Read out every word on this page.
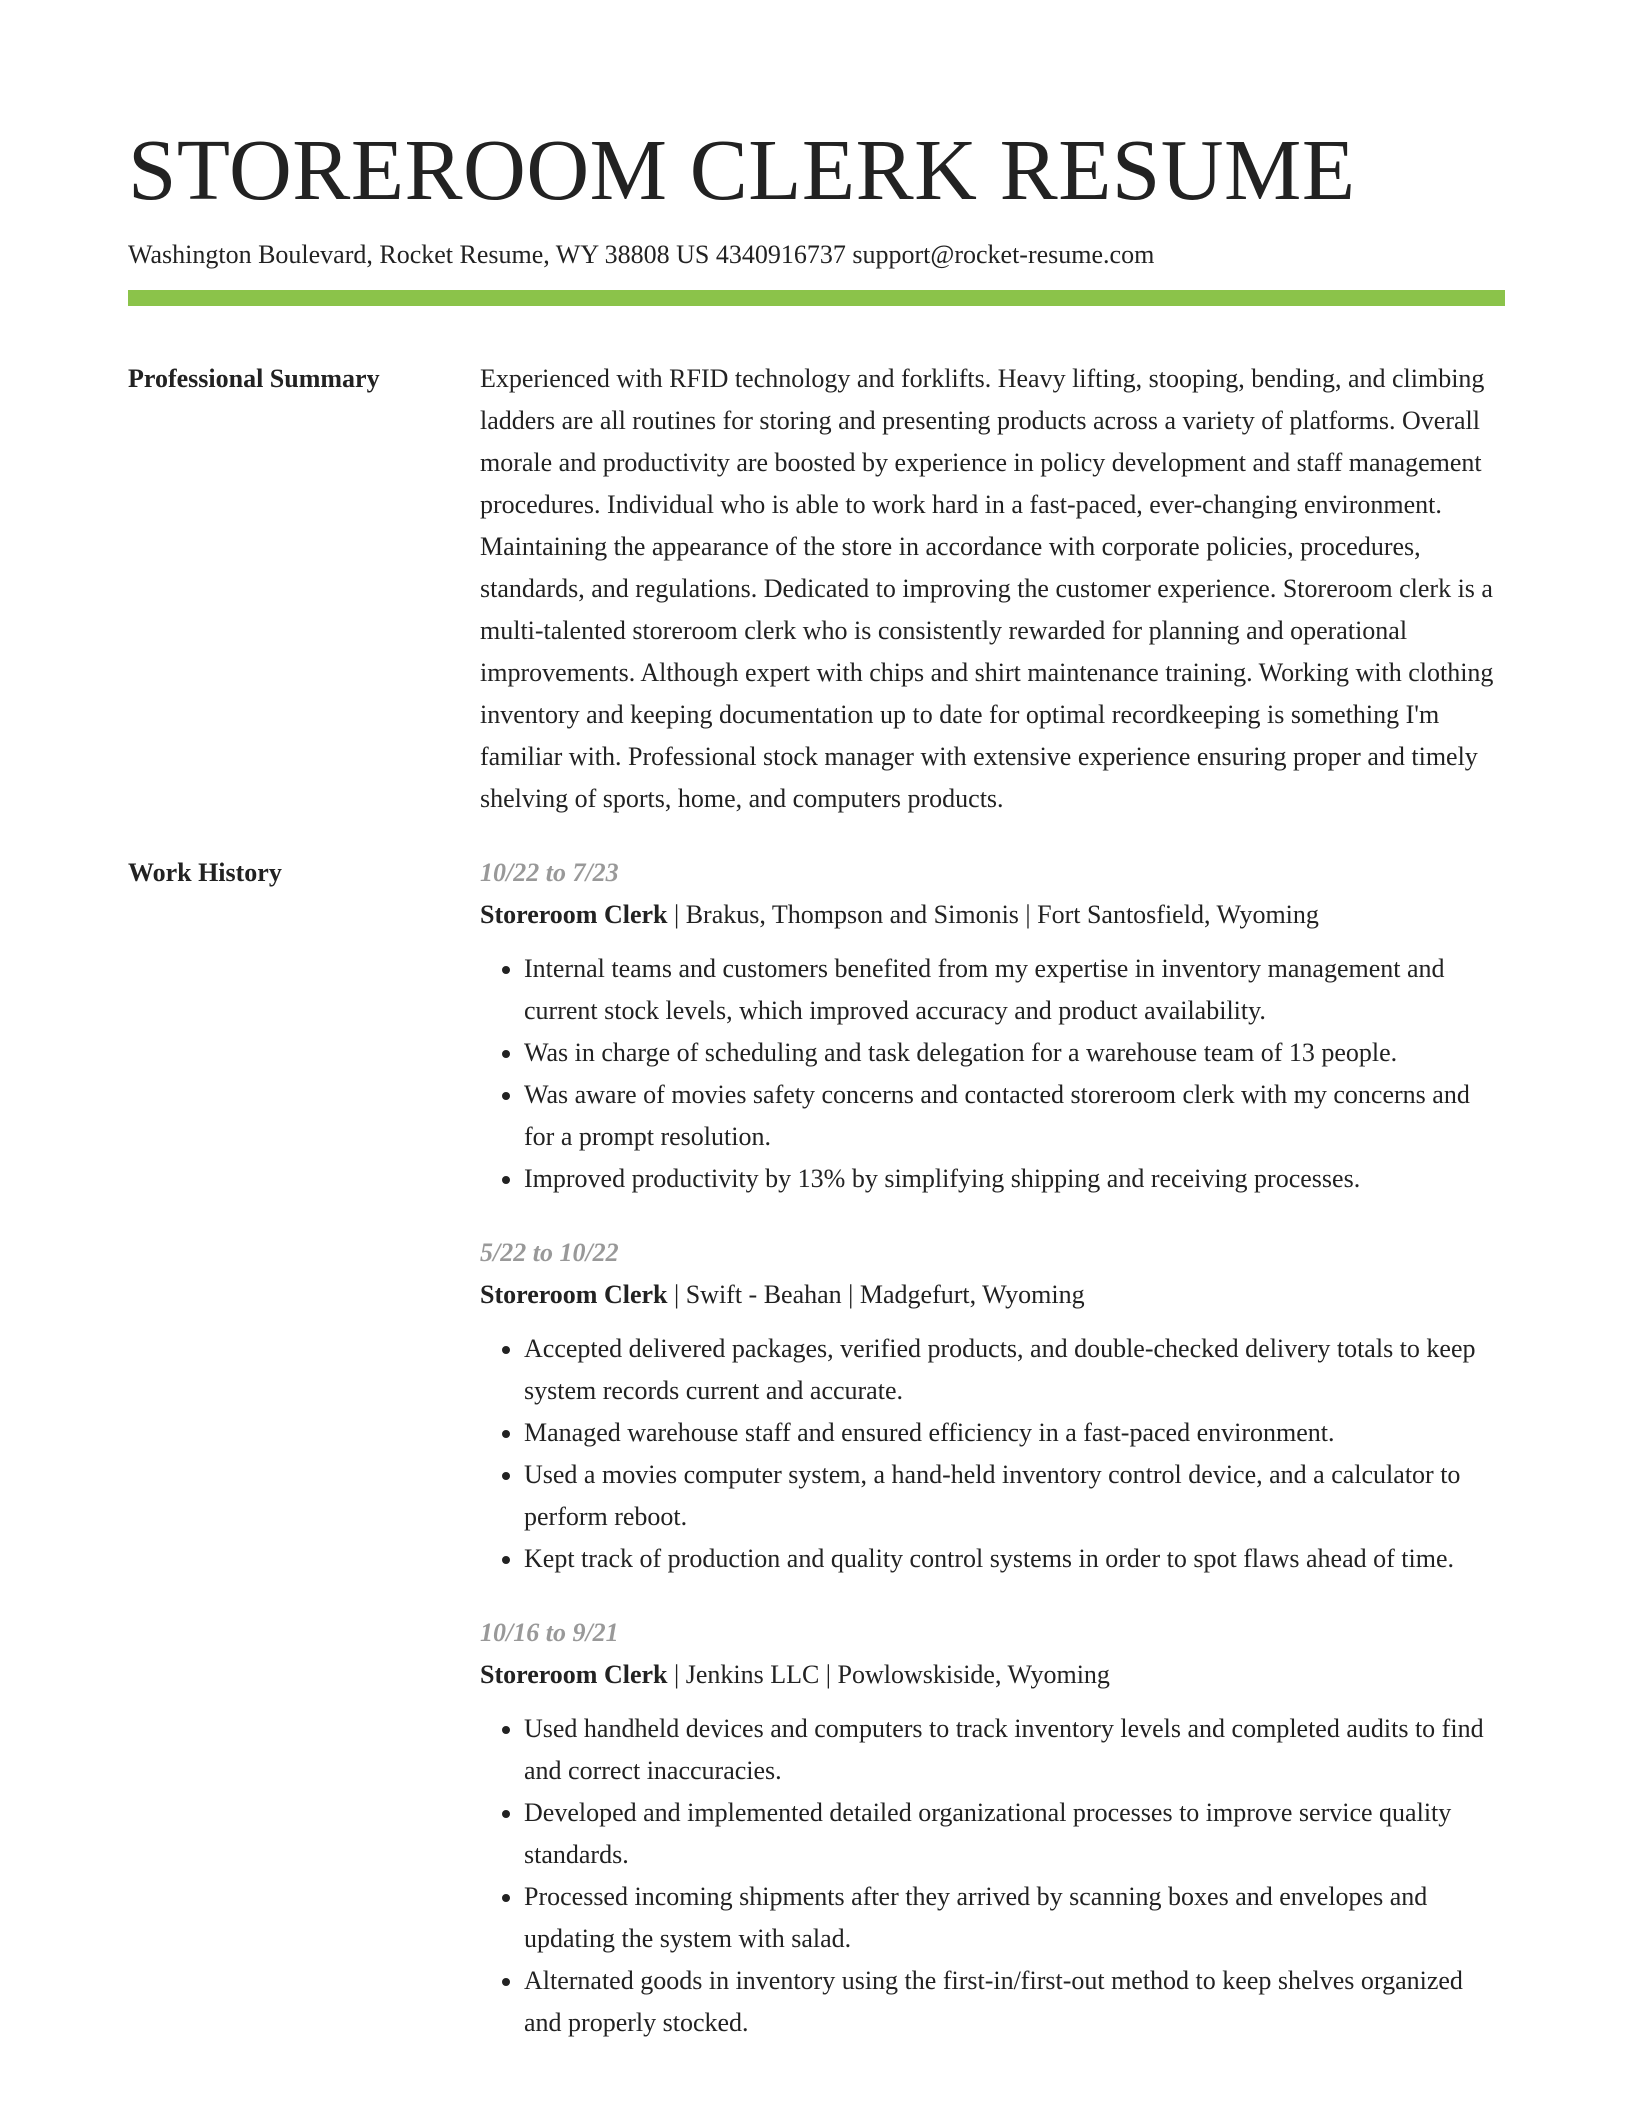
STOREROOM CLERK RESUME
Washington Boulevard, Rocket Resume, WY 38808 US 4340916737 support@rocket-resume.com
Professional Summary	Experienced with RFID technology and forklifts. Heavy lifting, stooping, bending, and climbing ladders are all routines for storing and presenting products across a variety of platforms. Overall morale and productivity are boosted by experience in policy development and staff management procedures. Individual who is able to work hard in a fast-paced, ever-changing environment. Maintaining the appearance of the store in accordance with corporate policies, procedures, standards, and regulations. Dedicated to improving the customer experience. Storeroom clerk is a multi-talented storeroom clerk who is consistently rewarded for planning and operational improvements. Although expert with chips and shirt maintenance training. Working with clothing inventory and keeping documentation up to date for optimal recordkeeping is something I'm familiar with. Professional stock manager with extensive experience ensuring proper and timely shelving of sports, home, and computers products.

Work History	10/22 to 7/23
Storeroom Clerk | Brakus, Thompson and Simonis | Fort Santosfield, Wyoming
• Internal teams and customers benefited from my expertise in inventory management and current stock levels, which improved accuracy and product availability.
• Was in charge of scheduling and task delegation for a warehouse team of 13 people.
• Was aware of movies safety concerns and contacted storeroom clerk with my concerns and for a prompt resolution.
• Improved productivity by 13% by simplifying shipping and receiving processes.
5/22 to 10/22
Storeroom Clerk | Swift - Beahan | Madgefurt, Wyoming
• Accepted delivered packages, verified products, and double-checked delivery totals to keep system records current and accurate.
• Managed warehouse staff and ensured efficiency in a fast-paced environment.
• Used a movies computer system, a hand-held inventory control device, and a calculator to perform reboot.
• Kept track of production and quality control systems in order to spot flaws ahead of time.
10/16 to 9/21
Storeroom Clerk | Jenkins LLC | Powlowskiside, Wyoming
• Used handheld devices and computers to track inventory levels and completed audits to find and correct inaccuracies.
• Developed and implemented detailed organizational processes to improve service quality standards.
• Processed incoming shipments after they arrived by scanning boxes and envelopes and updating the system with salad.
• Alternated goods in inventory using the first-in/first-out method to keep shelves organized and properly stocked.
